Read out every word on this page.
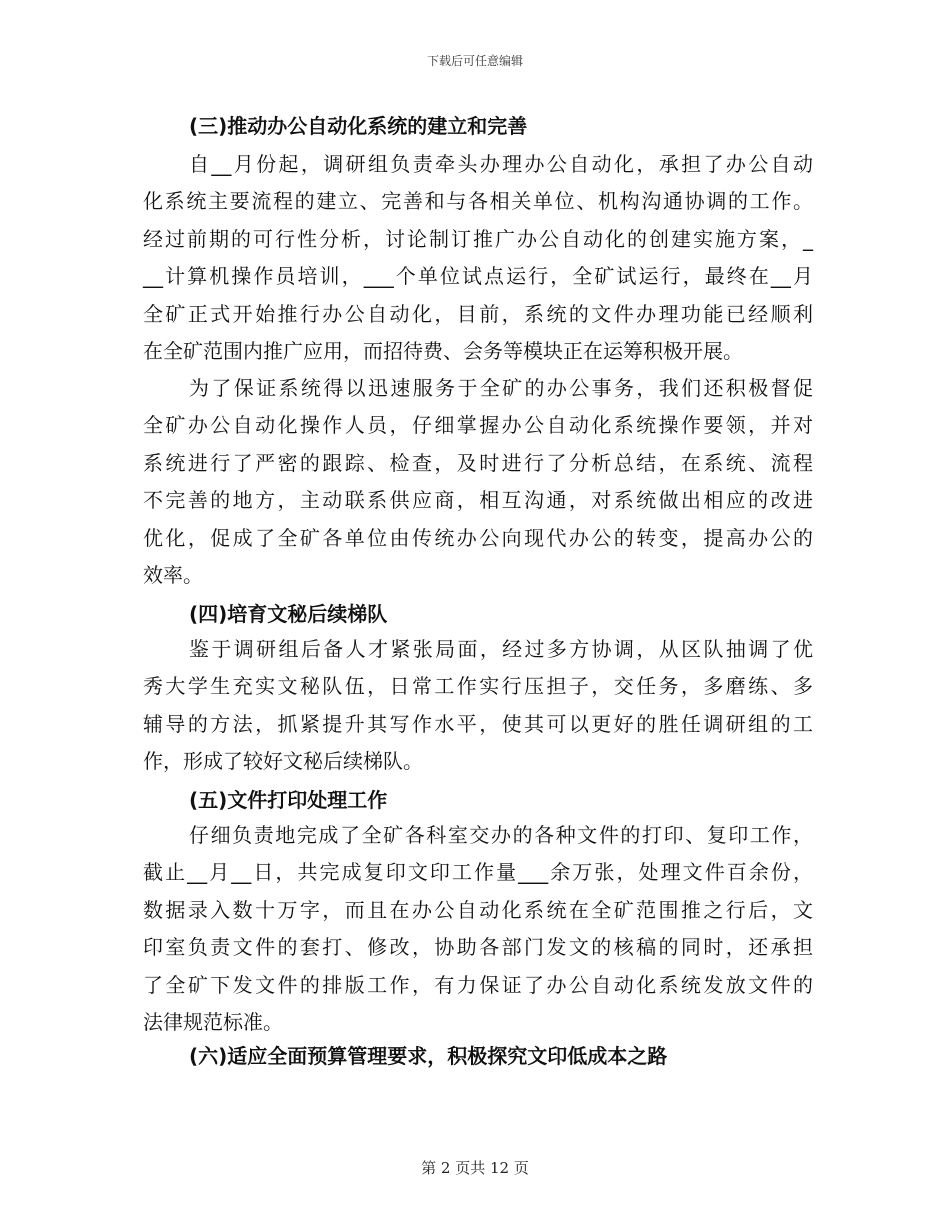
下载后可任意编辑
(三)推动办公自动化系统的建立和完善
自__月份起，调研组负责牵头办理办公自动化，承担了办公自动
化系统主要流程的建立、完善和与各相关单位、机构沟通协调的工作。
经过前期的可行性分析，讨论制订推广办公自动化的创建实施方案，_
__计算机操作员培训，___个单位试点运行，全矿试运行，最终在__月
全矿正式开始推行办公自动化，目前，系统的文件办理功能已经顺利
在全矿范围内推广应用，而招待费、会务等模块正在运筹积极开展。
为了保证系统得以迅速服务于全矿的办公事务，我们还积极督促
全矿办公自动化操作人员，仔细掌握办公自动化系统操作要领，并对
系统进行了严密的跟踪、检查，及时进行了分析总结，在系统、流程
不完善的地方，主动联系供应商，相互沟通，对系统做出相应的改进
优化，促成了全矿各单位由传统办公向现代办公的转变，提高办公的
效率。
(四)培育文秘后续梯队
鉴于调研组后备人才紧张局面，经过多方协调，从区队抽调了优
秀大学生充实文秘队伍，日常工作实行压担子，交任务，多磨练、多
辅导的方法，抓紧提升其写作水平，使其可以更好的胜任调研组的工
作，形成了较好文秘后续梯队。
(五)文件打印处理工作
仔细负责地完成了全矿各科室交办的各种文件的打印、复印工作，
截止__月__日，共完成复印文印工作量___余万张，处理文件百余份，
数据录入数十万字，而且在办公自动化系统在全矿范围推之行后，文
印室负责文件的套打、修改，协助各部门发文的核稿的同时，还承担
了全矿下发文件的排版工作，有力保证了办公自动化系统发放文件的
法律规范标准。
(六)适应全面预算管理要求，积极探究文印低成本之路
第 2 页共 12 页
